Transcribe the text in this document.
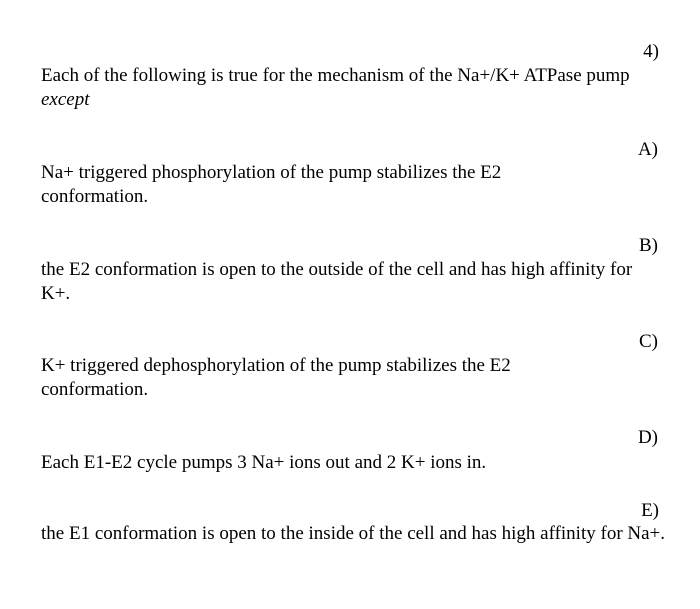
4)
Each of the following is true for the mechanism of the Na+/K+ ATPase pump except
A)
Na+ triggered phosphorylation of the pump stabilizes the E2 conformation.
B)
the E2 conformation is open to the outside of the cell and has high affinity for K+.
C)
K+ triggered dephosphorylation of the pump stabilizes the E2 conformation.
D)
Each E1-E2 cycle pumps 3 Na+ ions out and 2 K+ ions in.
E)
the E1 conformation is open to the inside of the cell and has high affinity for Na+.
